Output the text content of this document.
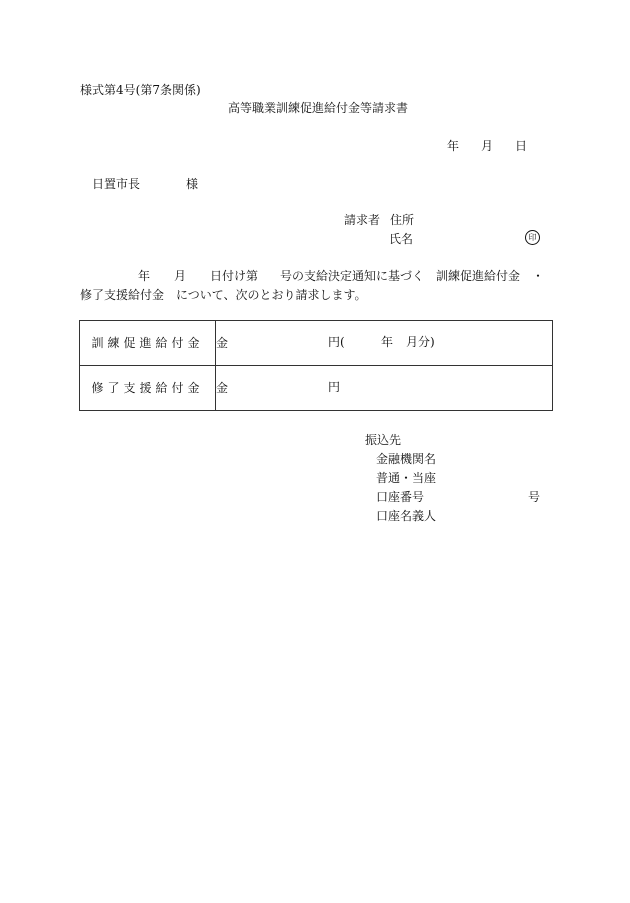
様式第4号(第7条関係)
高等職業訓練促進給付金等請求書
年 月 日
日置市長	様
請求者 住所
氏名	印
年 月 日付け第 号の支給決定通知に基づく　訓練促進給付金　・
修了支援給付金　について、次のとおり請求します。
訓練促進給付金	金 円( 年 月分)

修了支援給付金	金 円
振込先
金融機関名
普通・当座
口座番号	号
口座名義人
